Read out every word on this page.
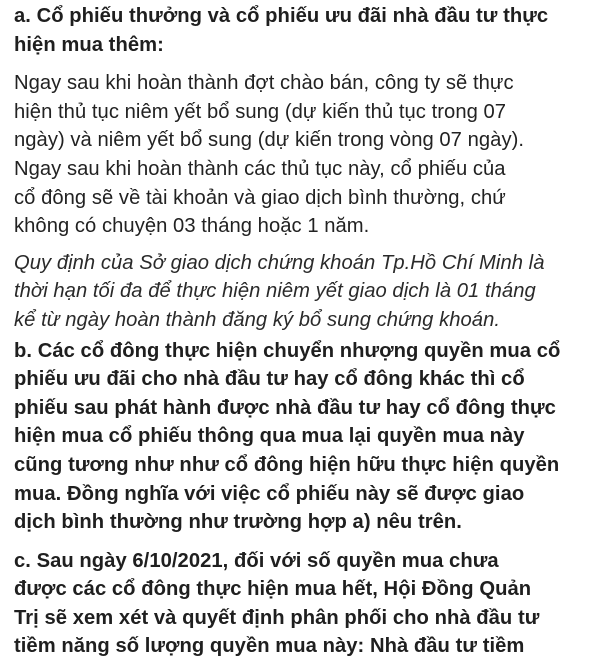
a. Cổ phiếu thưởng và cổ phiếu ưu đãi nhà đầu tư thực
hiện mua thêm:
Ngay sau khi hoàn thành đợt chào bán, công ty sẽ thực
hiện thủ tục niêm yết bổ sung (dự kiến thủ tục trong 07
ngày) và niêm yết bổ sung (dự kiến trong vòng 07 ngày).
Ngay sau khi hoàn thành các thủ tục này, cổ phiếu của
cổ đông sẽ về tài khoản và giao dịch bình thường, chứ
không có chuyện 03 tháng hoặc 1 năm.
Quy định của Sở giao dịch chứng khoán Tp.Hồ Chí Minh là
thời hạn tối đa để thực hiện niêm yết giao dịch là 01 tháng
kể từ ngày hoàn thành đăng ký bổ sung chứng khoán.
b. Các cổ đông thực hiện chuyển nhượng quyền mua cổ
phiếu ưu đãi cho nhà đầu tư hay cổ đông khác thì cổ
phiếu sau phát hành được nhà đầu tư hay cổ đông thực
hiện mua cổ phiếu thông qua mua lại quyền mua này
cũng tương như như cổ đông hiện hữu thực hiện quyền
mua. Đồng nghĩa với việc cổ phiếu này sẽ được giao
dịch bình thường như trường hợp a) nêu trên.
c. Sau ngày 6/10/2021, đối với số quyền mua chưa
được các cổ đông thực hiện mua hết, Hội Đồng Quản
Trị sẽ xem xét và quyết định phân phối cho nhà đầu tư
tiềm năng số lượng quyền mua này: Nhà đầu tư tiềm
